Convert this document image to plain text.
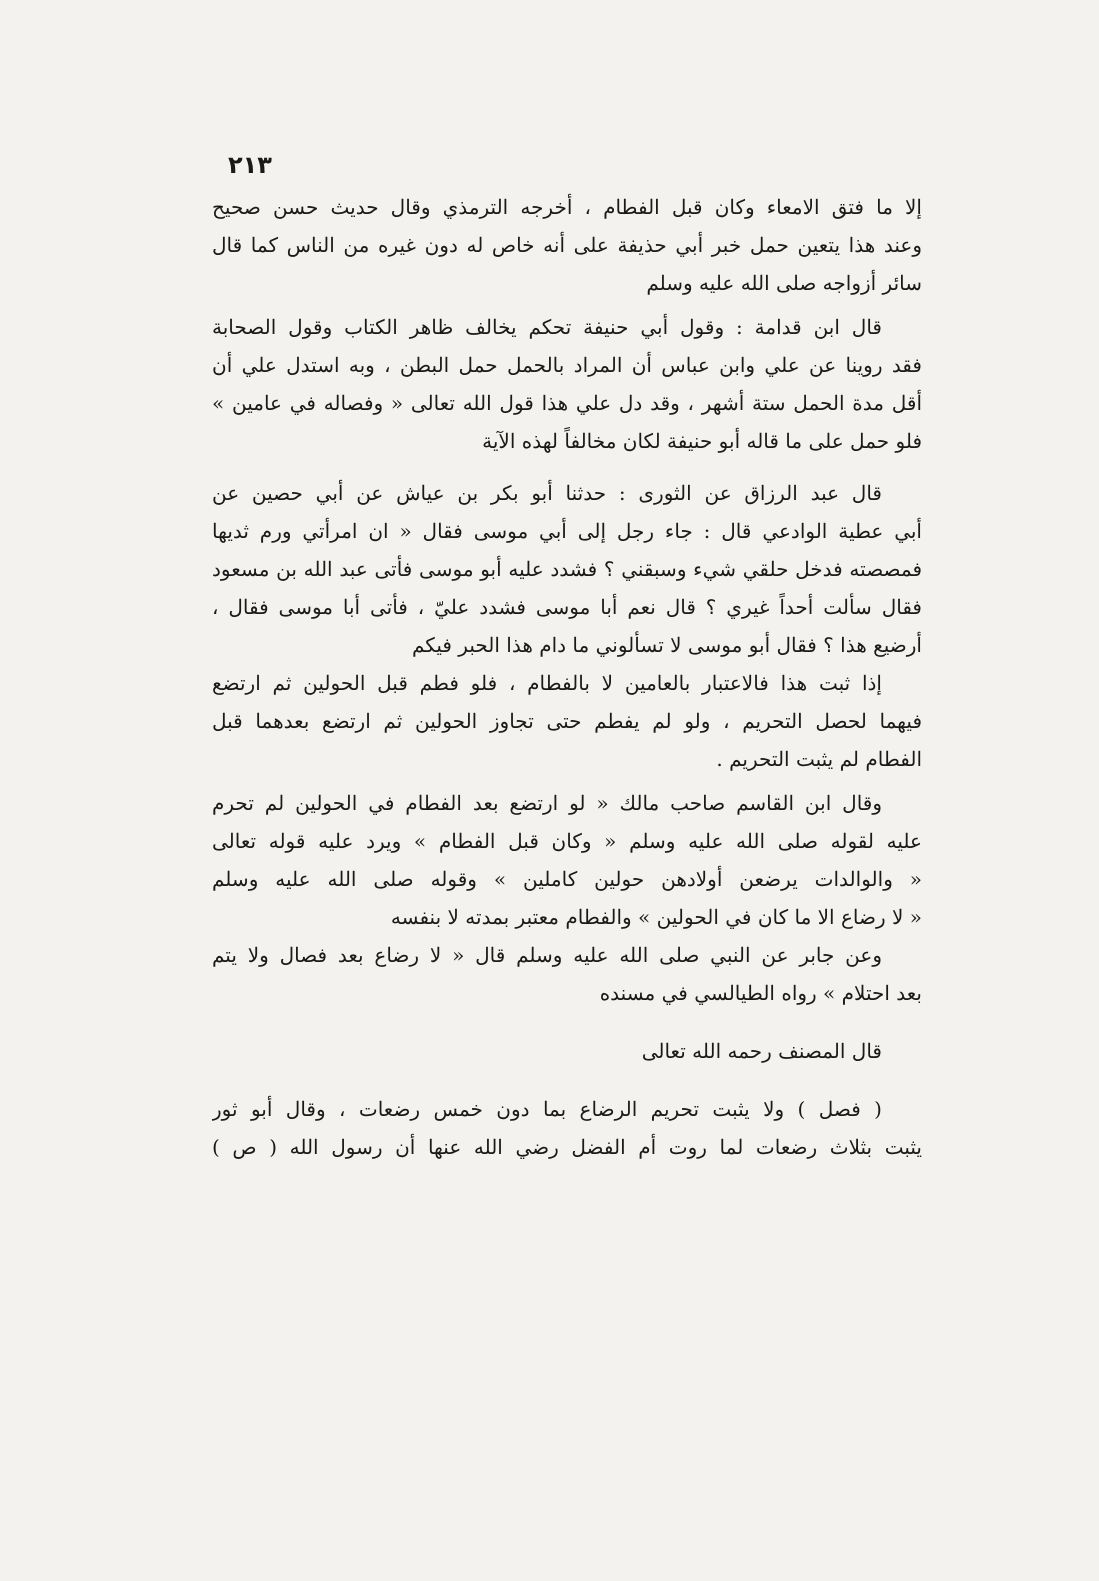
٢١٣
إلا ما فتق الامعاء وكان قبل الفطام ، أخرجه الترمذي وقال حديث حسن صحيح
وعند هذا يتعين حمل خبر أبي حذيفة على أنه خاص له دون غيره من الناس كما قال
سائر أزواجه صلى الله عليه وسلم
قال ابن قدامة : وقول أبي حنيفة تحكم يخالف ظاهر الكتاب وقول الصحابة
فقد روينا عن علي وابن عباس أن المراد بالحمل حمل البطن ، وبه استدل علي أن
أقل مدة الحمل ستة أشهر ، وقد دل علي هذا قول الله تعالى « وفصاله في عامين »
فلو حمل على ما قاله أبو حنيفة لكان مخالفاً لهذه الآية
قال عبد الرزاق عن الثورى : حدثنا أبو بكر بن عياش عن أبي حصين عن
أبي عطية الوادعي قال : جاء رجل إلى أبي موسى فقال « ان امرأتي ورم ثديها
فمصصته فدخل حلقي شيء وسبقني ؟ فشدد عليه أبو موسى فأتى عبد الله بن مسعود
فقال سألت أحداً غيري ؟ قال نعم أبا موسى فشدد عليّ ، فأتى أبا موسى فقال ،
أرضيع هذا ؟ فقال أبو موسى لا تسألوني ما دام هذا الحبر فيكم
إذا ثبت هذا فالاعتبار بالعامين لا بالفطام ، فلو فطم قبل الحولين ثم ارتضع
فيهما لحصل التحريم ، ولو لم يفطم حتى تجاوز الحولين ثم ارتضع بعدهما قبل
الفطام لم يثبت التحريم .
وقال ابن القاسم صاحب مالك « لو ارتضع بعد الفطام في الحولين لم تحرم
عليه لقوله صلى الله عليه وسلم « وكان قبل الفطام » ويرد عليه قوله تعالى
« والوالدات يرضعن أولادهن حولين كاملين » وقوله صلى الله عليه وسلم
« لا رضاع الا ما كان في الحولين » والفطام معتبر بمدته لا بنفسه
وعن جابر عن النبي صلى الله عليه وسلم قال « لا رضاع بعد فصال ولا يتم
بعد احتلام » رواه الطيالسي في مسنده
قال المصنف رحمه الله تعالى
( فصل ) ولا يثبت تحريم الرضاع بما دون خمس رضعات ، وقال أبو ثور
يثبت بثلاث رضعات لما روت أم الفضل رضي الله عنها أن رسول الله ( ص )
